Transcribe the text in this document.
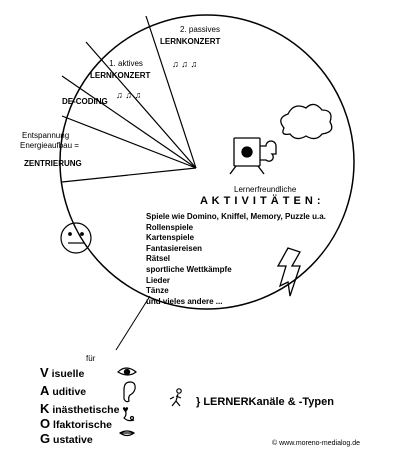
2. passives
LERNKONZERT
♫ ♫ ♫
1. aktives
LERNKONZERT
♫ ♫ ♫
DE-CODING
Entspannung
Energieaufbau =
ZENTRIERUNG
Lernerfreundliche
A K T I V I T Ä T E N :
Spiele wie Domino, Kniffel, Memory, Puzzle u.a.
Rollenspiele
Kartenspiele
Fantasiereisen
Rätsel
sportliche Wettkämpfe
Lieder
Tänze
und vieles andere ...
für
V isuelle
A uditive
K inästhetische ♥
O lfaktorische
G ustative
} LERNERKanäle & -Typen
© www.moreno-medialog.de
